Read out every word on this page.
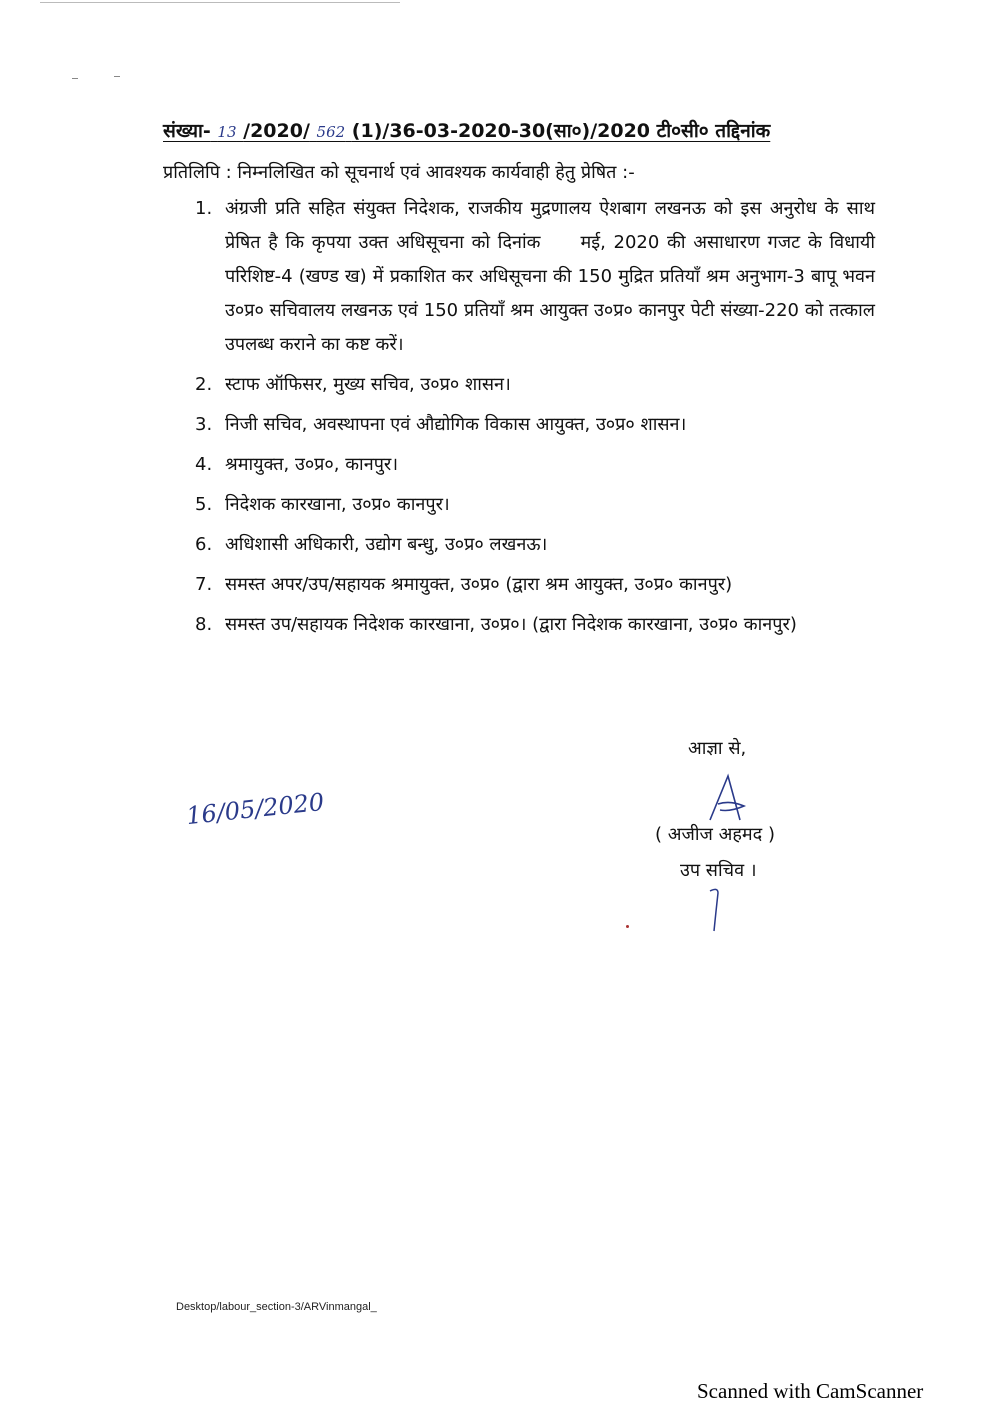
संख्या- 13 /2020/ 562 (1)/36-03-2020-30(सा०)/2020 टी०सी० तद्दिनांक
प्रतिलिपि : निम्नलिखित को सूचनार्थ एवं आवश्यक कार्यवाही हेतु प्रेषित :-
1. अंग्रजी प्रति सहित संयुक्त निदेशक, राजकीय मुद्रणालय ऐशबाग लखनऊ को इस अनुरोध के साथ प्रेषित है कि कृपया उक्त अधिसूचना को दिनांक मई, 2020 की असाधारण गजट के विधायी परिशिष्ट-4 (खण्ड ख) में प्रकाशित कर अधिसूचना की 150 मुद्रित प्रतियाँ श्रम अनुभाग-3 बापू भवन उ०प्र० सचिवालय लखनऊ एवं 150 प्रतियाँ श्रम आयुक्त उ०प्र० कानपुर पेटी संख्या-220 को तत्काल उपलब्ध कराने का कष्ट करें।
2. स्टाफ ऑफिसर, मुख्य सचिव, उ०प्र० शासन।
3. निजी सचिव, अवस्थापना एवं औद्योगिक विकास आयुक्त, उ०प्र० शासन।
4. श्रमायुक्त, उ०प्र०, कानपुर।
5. निदेशक कारखाना, उ०प्र० कानपुर।
6. अधिशासी अधिकारी, उद्योग बन्धु, उ०प्र० लखनऊ।
7. समस्त अपर/उप/सहायक श्रमायुक्त, उ०प्र० (द्वारा श्रम आयुक्त, उ०प्र० कानपुर)
8. समस्त उप/सहायक निदेशक कारखाना, उ०प्र०। (द्वारा निदेशक कारखाना, उ०प्र० कानपुर)
आज्ञा से,
( अजीज अहमद )
उप सचिव ।
16/05/2020
Desktop/labour_section-3/ARVinmangal_
Scanned with CamScanner
